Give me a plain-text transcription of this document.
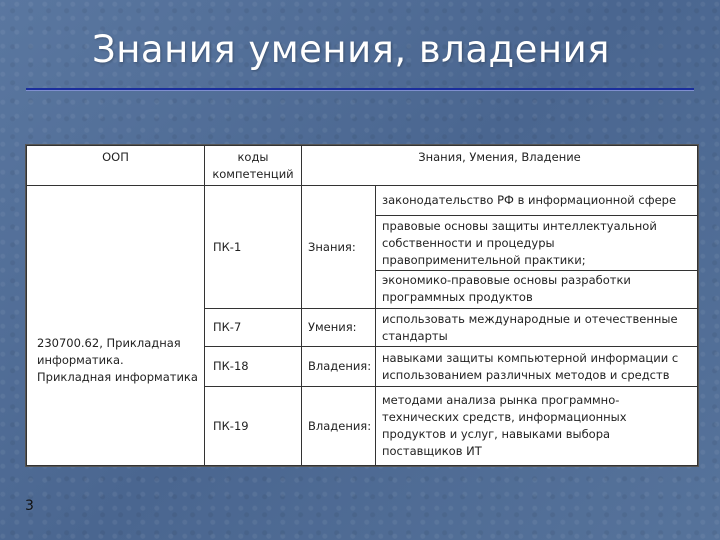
Знания умения, владения
ООП	коды компетенций	Знания, Умения, Владение	
230700.62, Прикладная информатика. Прикладная информатика	ПК-1	Знания:	законодательство РФ в информационной сфере
			правовые основы защиты интеллектуальной собственности и процедуры правоприменительной практики;
			экономико-правовые основы разработки программных продуктов
	ПК-7	Умения:	использовать международные и отечественные стандарты
	ПК-18	Владения:	навыками защиты компьютерной информации с использованием различных методов и средств
	ПК-19	Владения:	методами анализа рынка программно-технических средств, информационных продуктов и услуг, навыками выбора поставщиков ИТ
3
